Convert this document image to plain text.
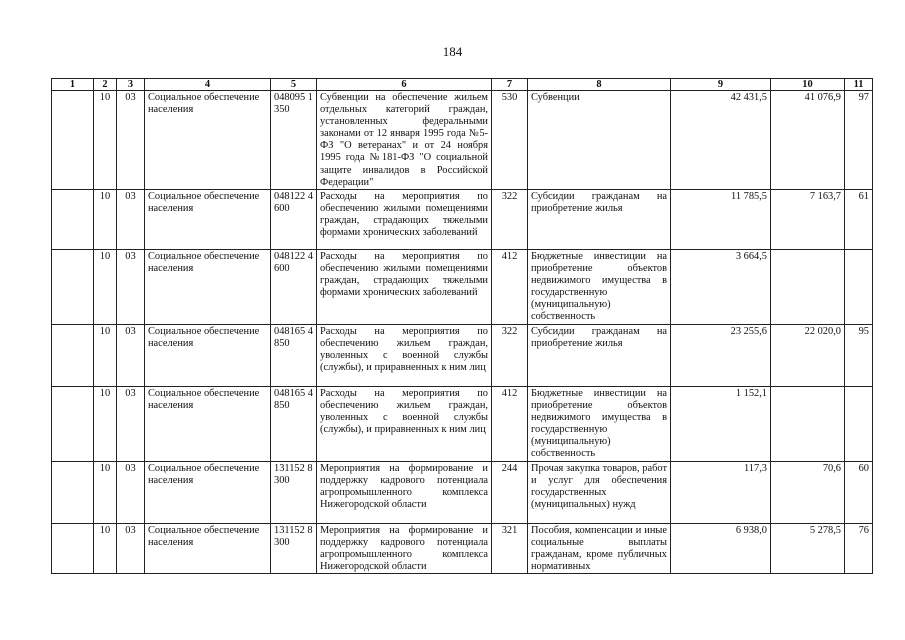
184
1	2	3	4	5	6	7	8	9	10	11
	10	03	Социальное обеспечение населения	048095 1350	Субвенции на обеспечение жильем отдельных категорий граждан, установленных федеральными законами от 12 января 1995 года №5-ФЗ "О ветеранах" и от 24 ноября 1995 года №181-ФЗ "О социальной защите инвалидов в Российской Федерации"	530	Субвенции	42 431,5	41 076,9	97
	10	03	Социальное обеспечение населения	048122 4600	Расходы на мероприятия по обеспечению жилыми помещениями граждан, страдающих тяжелыми формами хронических заболеваний	322	Субсидии гражданам на приобретение жилья	11 785,5	7 163,7	61
	10	03	Социальное обеспечение населения	048122 4600	Расходы на мероприятия по обеспечению жилыми помещениями граждан, страдающих тяжелыми формами хронических заболеваний	412	Бюджетные инвестиции на приобретение объектов недвижимого имущества в государственную (муниципальную) собственность	3 664,5		
	10	03	Социальное обеспечение населения	048165 4850	Расходы на мероприятия по обеспечению жильем граждан, уволенных с военной службы (службы), и приравненных к ним лиц	322	Субсидии гражданам на приобретение жилья	23 255,6	22 020,0	95
	10	03	Социальное обеспечение населения	048165 4850	Расходы на мероприятия по обеспечению жильем граждан, уволенных с военной службы (службы), и приравненных к ним лиц	412	Бюджетные инвестиции на приобретение объектов недвижимого имущества в государственную (муниципальную) собственность	1 152,1		
	10	03	Социальное обеспечение населения	131152 8300	Мероприятия на формирование и поддержку кадрового потенциала агропромышленного комплекса Нижегородской области	244	Прочая закупка товаров, работ и услуг для обеспечения государственных (муниципальных) нужд	117,3	70,6	60
	10	03	Социальное обеспечение населения	131152 8300	Мероприятия на формирование и поддержку кадрового потенциала агропромышленного комплекса Нижегородской области	321	Пособия, компенсации и иные социальные выплаты гражданам, кроме публичных нормативных	6 938,0	5 278,5	76
